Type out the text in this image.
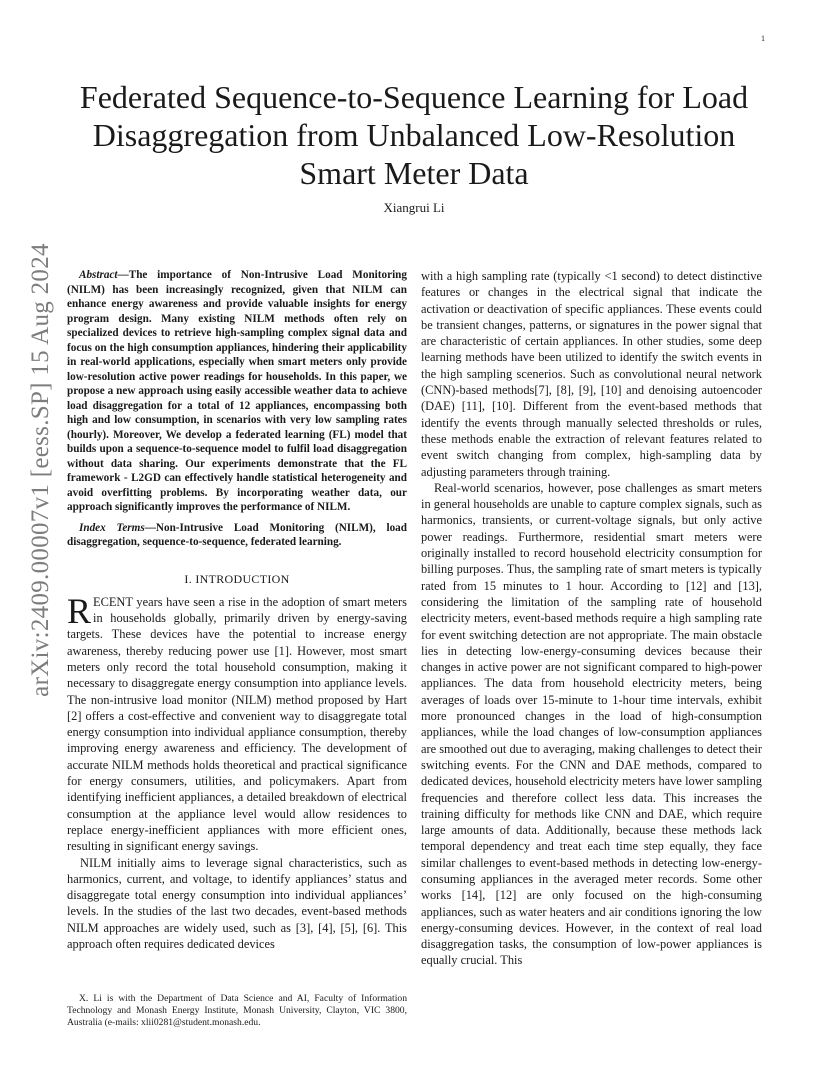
1
Federated Sequence-to-Sequence Learning for Load
Disaggregation from Unbalanced Low-Resolution
Smart Meter Data
Xiangrui Li
arXiv:2409.00007v1 [eess.SP] 15 Aug 2024	Abstract—The importance of Non-Intrusive Load Monitoring (NILM) has been increasingly recognized, given that NILM can enhance energy awareness and provide valuable insights for energy program design. Many existing NILM methods often rely on specialized devices to retrieve high-sampling complex signal data and focus on the high consumption appliances, hindering their applicability in real-world applications, especially when smart meters only provide low-resolution active power readings for households. In this paper, we propose a new approach using easily accessible weather data to achieve load disaggregation for a total of 12 appliances, encompassing both high and low consumption, in scenarios with very low sampling rates (hourly). Moreover, We develop a federated learning (FL) model that builds upon a sequence-to-sequence model to fulfil load disaggregation without data sharing. Our experiments demonstrate that the FL framework - L2GD can effectively handle statistical heterogeneity and avoid overfitting problems. By incorporating weather data, our approach significantly improves the performance of NILM.

Index Terms—Non-Intrusive Load Monitoring (NILM), load disaggregation, sequence-to-sequence, federated learning.

I. INTRODUCTION

RECENT years have seen a rise in the adoption of smart meters in households globally, primarily driven by energy-saving targets. These devices have the potential to increase energy awareness, thereby reducing power use [1]. However, most smart meters only record the total household consumption, making it necessary to disaggregate energy consumption into appliance levels. The non-intrusive load monitor (NILM) method proposed by Hart [2] offers a cost-effective and convenient way to disaggregate total energy consumption into individual appliance consumption, thereby improving energy awareness and efficiency. The development of accurate NILM methods holds theoretical and practical significance for energy consumers, utilities, and policymakers. Apart from identifying inefficient appliances, a detailed breakdown of electrical consumption at the appliance level would allow residences to replace energy-inefficient appliances with more efficient ones, resulting in significant energy savings.

NILM initially aims to leverage signal characteristics, such as harmonics, current, and voltage, to identify appliances’ status and disaggregate total energy consumption into individual appliances’ levels. In the studies of the last two decades, event-based methods NILM approaches are widely used, such as [3], [4], [5], [6]. This approach often requires dedicated devices

X. Li is with the Department of Data Science and AI, Faculty of Information Technology and Monash Energy Institute, Monash University, Clayton, VIC 3800, Australia (e-mails: xlii0281@student.monash.edu.

with a high sampling rate (typically <1 second) to detect distinctive features or changes in the electrical signal that indicate the activation or deactivation of specific appliances. These events could be transient changes, patterns, or signatures in the power signal that are characteristic of certain appliances. In other studies, some deep learning methods have been utilized to identify the switch events in the high sampling scenerios. Such as convolutional neural network (CNN)-based methods[7], [8], [9], [10] and denoising autoencoder (DAE) [11], [10]. Different from the event-based methods that identify the events through manually selected thresholds or rules, these methods enable the extraction of relevant features related to event switch changing from complex, high-sampling data by adjusting parameters through training.

Real-world scenarios, however, pose challenges as smart meters in general households are unable to capture complex signals, such as harmonics, transients, or current-voltage signals, but only active power readings. Furthermore, residential smart meters were originally installed to record household electricity consumption for billing purposes. Thus, the sampling rate of smart meters is typically rated from 15 minutes to 1 hour. According to [12] and [13], considering the limitation of the sampling rate of household electricity meters, event-based methods require a high sampling rate for event switching detection are not appropriate. The main obstacle lies in detecting low-energy-consuming devices because their changes in active power are not significant compared to high-power appliances. The data from household electricity meters, being averages of loads over 15-minute to 1-hour time intervals, exhibit more pronounced changes in the load of high-consumption appliances, while the load changes of low-consumption appliances are smoothed out due to averaging, making challenges to detect their switching events. For the CNN and DAE methods, compared to dedicated devices, household electricity meters have lower sampling frequencies and therefore collect less data. This increases the training difficulty for methods like CNN and DAE, which require large amounts of data. Additionally, because these methods lack temporal dependency and treat each time step equally, they face similar challenges to event-based methods in detecting low-energy-consuming appliances in the averaged meter records. Some other works [14], [12] are only focused on the high-consuming appliances, such as water heaters and air conditions ignoring the low energy-consuming devices. However, in the context of real load disaggregation tasks, the consumption of low-power appliances is equally crucial. This
